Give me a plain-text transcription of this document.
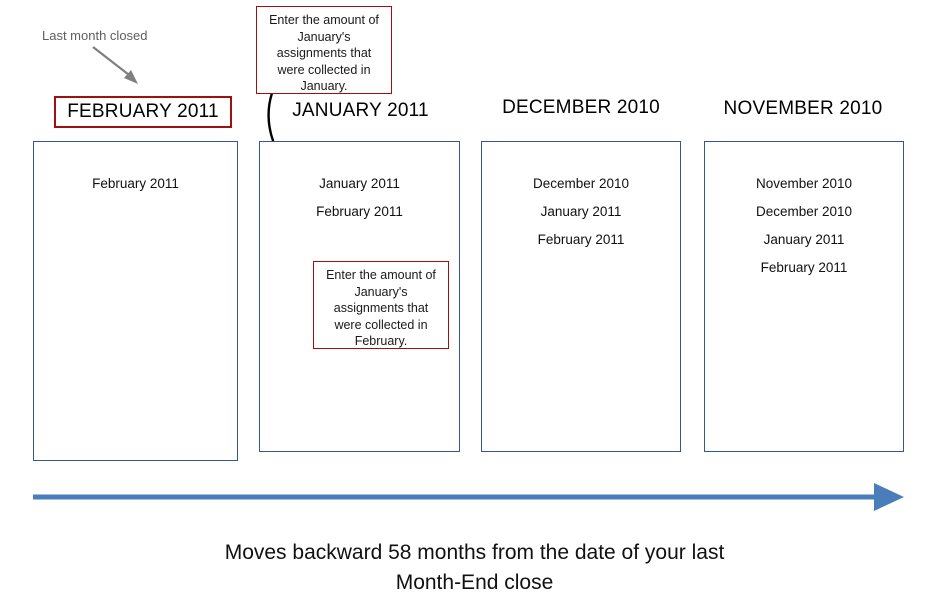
Last month closed
FEBRUARY 2011
February 2011
JANUARY 2011
January 2011
February 2011
DECEMBER 2010
December 2010
January 2011
February 2011
NOVEMBER 2010
November 2010
December 2010
January 2011
February 2011
Enter the amount of January's assignments that were collected in January.
Enter the amount of January's assignments that were collected in February.
Moves backward 58 months from the date of your last
Month-End close
